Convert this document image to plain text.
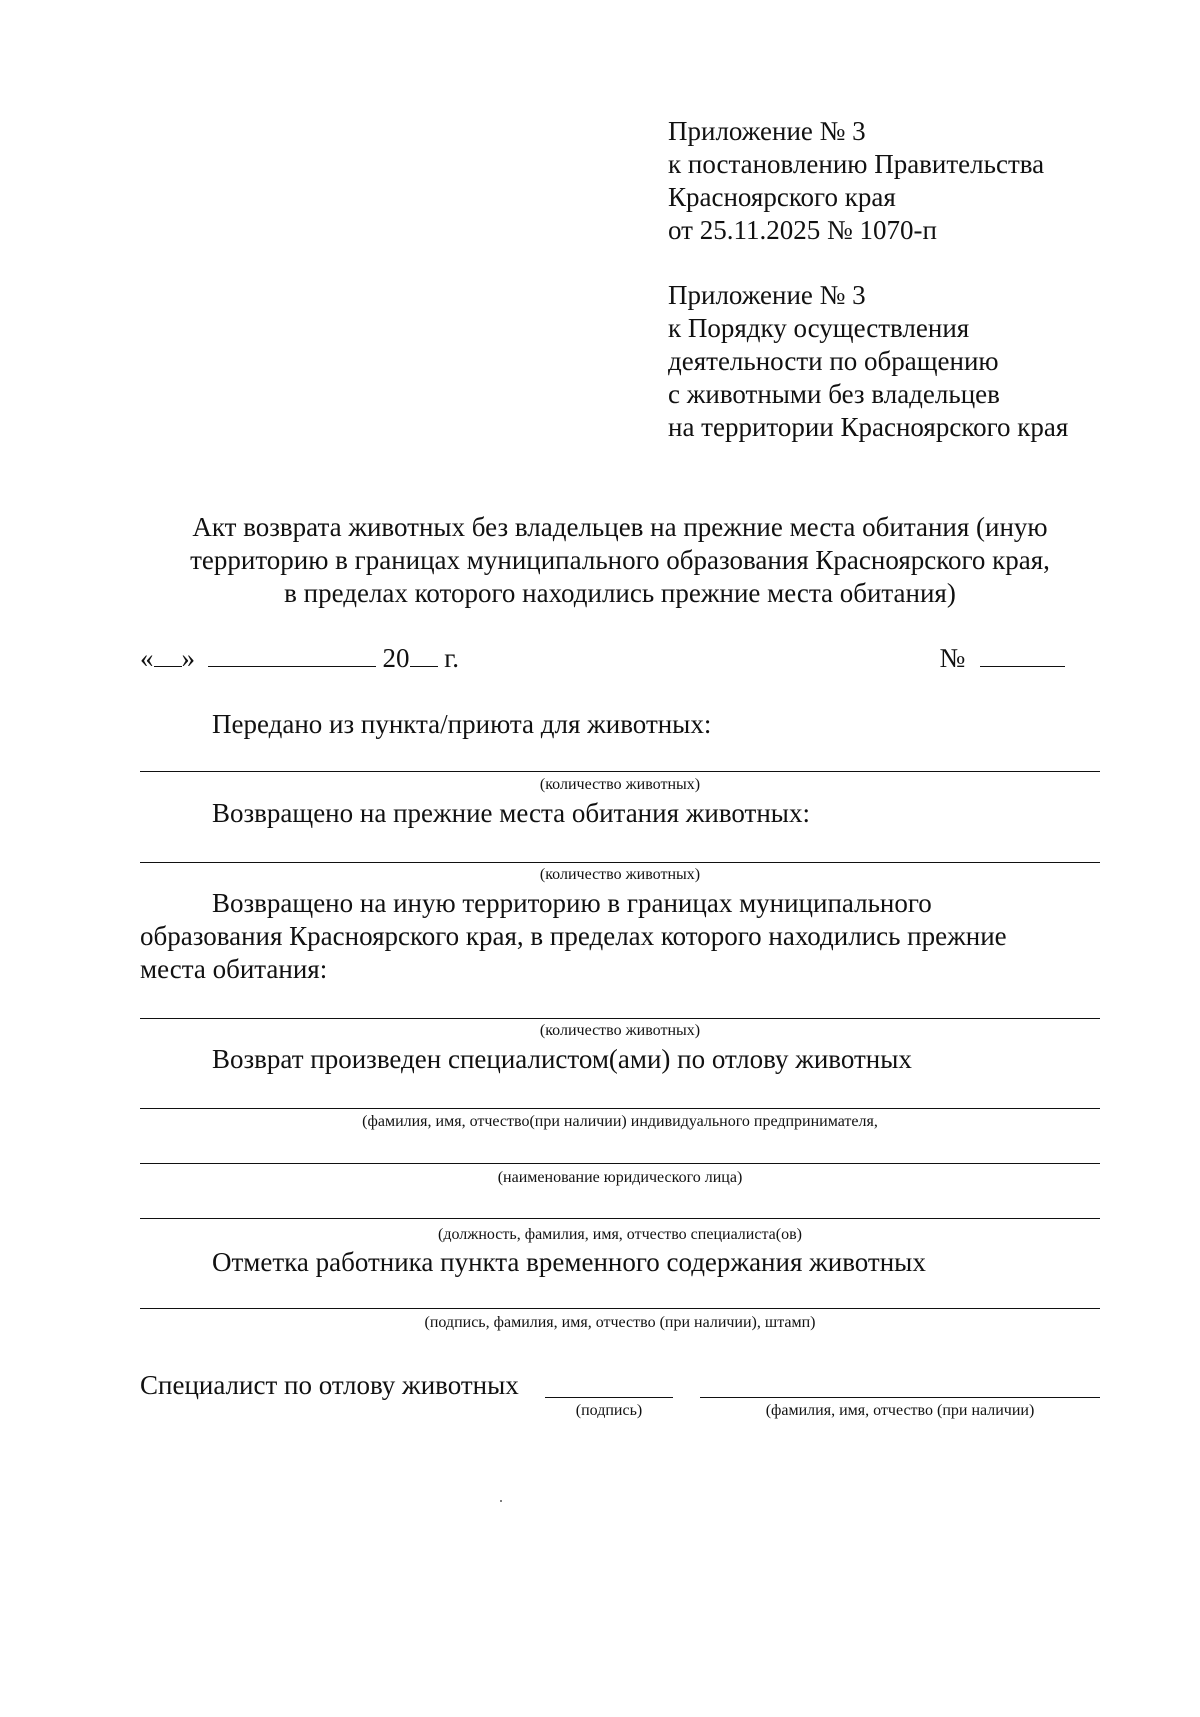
Приложение № 3
к постановлению Правительства
Красноярского края
от 25.11.2025 № 1070-п
Приложение № 3
к Порядку осуществления
деятельности по обращению
с животными без владельцев
на территории Красноярского края
Акт возврата животных без владельцев на прежние места обитания (иную
территорию в границах муниципального образования Красноярского края,
в пределах которого находились прежние места обитания)
« »	20 г.	№
Передано из пункта/приюта для животных:
(количество животных)
Возвращено на прежние места обитания животных:
(количество животных)
Возвращено на иную территорию в границах муниципального
образования Красноярского края, в пределах которого находились прежние
места обитания:
(количество животных)
Возврат произведен специалистом(ами) по отлову животных
(фамилия, имя, отчество(при наличии) индивидуального предпринимателя,
(наименование юридического лица)
(должность, фамилия, имя, отчество специалиста(ов)
Отметка работника пункта временного содержания животных
(подпись, фамилия, имя, отчество (при наличии), штамп)
Специалист по отлову животных
(подпись)	(фамилия, имя, отчество (при наличии)
